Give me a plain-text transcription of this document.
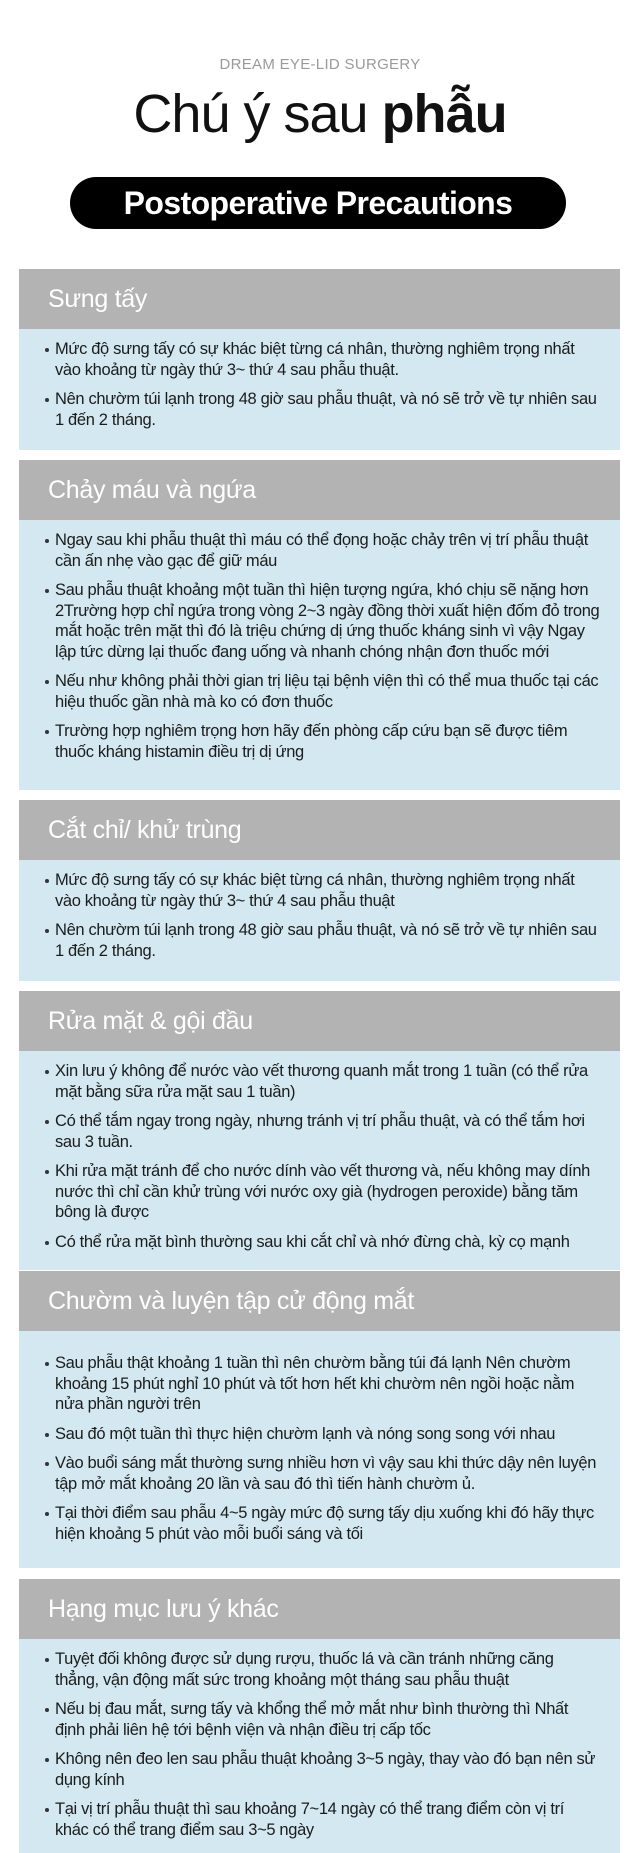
DREAM EYE-LID SURGERY
Chú ý sau phẫu
Postoperative Precautions
Sưng tấy
Mức độ sưng tấy có sự khác biệt từng cá nhân, thường nghiêm trọng nhất vào khoảng từ ngày thứ 3~ thứ 4 sau phẫu thuật.
Nên chườm túi lạnh trong 48 giờ sau phẫu thuật, và nó sẽ trở về tự nhiên sau 1 đến 2 tháng.
Chảy máu và ngứa
Ngay sau khi phẫu thuật thì máu có thể đọng hoặc chảy trên vị trí phẫu thuật cần ấn nhẹ vào gạc để giữ máu
Sau phẫu thuật khoảng một tuần thì hiện tượng ngứa, khó chịu sẽ nặng hơn 2Trường hợp chỉ ngứa trong vòng 2~3 ngày đồng thời xuất hiện đốm đỏ trong mắt hoặc trên mặt thì đó là triệu chứng dị ứng thuốc kháng sinh vì vậy Ngay lập tức dừng lại thuốc đang uống và nhanh chóng nhận đơn thuốc mới
Nếu như không phải thời gian trị liệu tại bệnh viện thì có thể mua thuốc tại các hiệu thuốc gần nhà mà ko có đơn thuốc
Trường hợp nghiêm trọng hơn hãy đến phòng cấp cứu bạn sẽ được tiêm thuốc kháng histamin điều trị dị ứng
Cắt chỉ/ khử trùng
Mức độ sưng tấy có sự khác biệt từng cá nhân, thường nghiêm trọng nhất vào khoảng từ ngày thứ 3~ thứ 4 sau phẫu thuật
Nên chườm túi lạnh trong 48 giờ sau phẫu thuật, và nó sẽ trở về tự nhiên sau 1 đến 2 tháng.
Rửa mặt & gội đầu
Xin lưu ý không để nước vào vết thương quanh mắt trong 1 tuần (có thể rửa mặt bằng sữa rửa mặt sau 1 tuần)
Có thể tắm ngay trong ngày, nhưng tránh vị trí phẫu thuật, và có thể tắm hơi sau 3 tuần.
Khi rửa mặt tránh để cho nước dính vào vết thương và, nếu không may dính nước thì chỉ cần khử trùng với nước oxy già (hydrogen peroxide) bằng tăm bông là được
Có thể rửa mặt bình thường sau khi cắt chỉ và nhớ đừng chà, kỳ cọ mạnh
Chườm và luyện tập cử động mắt
Sau phẫu thật khoảng 1 tuần thì nên chườm bằng túi đá lạnh Nên chườm khoảng 15 phút nghỉ 10 phút và tốt hơn hết khi chườm nên ngồi hoặc nằm nửa phần người trên
Sau đó một tuần thì thực hiện chườm lạnh và nóng song song với nhau
Vào buổi sáng mắt thường sưng nhiều hơn vì vậy sau khi thức dậy nên luyện tập mở mắt khoảng 20 lần và sau đó thì tiến hành chườm ủ.
Tại thời điểm sau phẫu 4~5 ngày mức độ sưng tấy dịu xuống khi đó hãy thực hiện khoảng 5 phút vào mỗi buổi sáng và tối
Hạng mục lưu ý khác
Tuyệt đối không được sử dụng rượu, thuốc lá và cần tránh những căng thẳng, vận động mất sức trong khoảng một tháng sau phẫu thuật
Nếu bị đau mắt, sưng tấy và khổng thể mở mắt như bình thường thì Nhất định phải liên hệ tới bệnh viện và nhận điều trị cấp tốc
Không nên đeo len sau phẫu thuật khoảng 3~5 ngày, thay vào đó bạn nên sử dụng kính
Tại vị trí phẫu thuật thì sau khoảng 7~14 ngày có thể trang điểm còn vị trí khác có thể trang điểm sau 3~5 ngày
